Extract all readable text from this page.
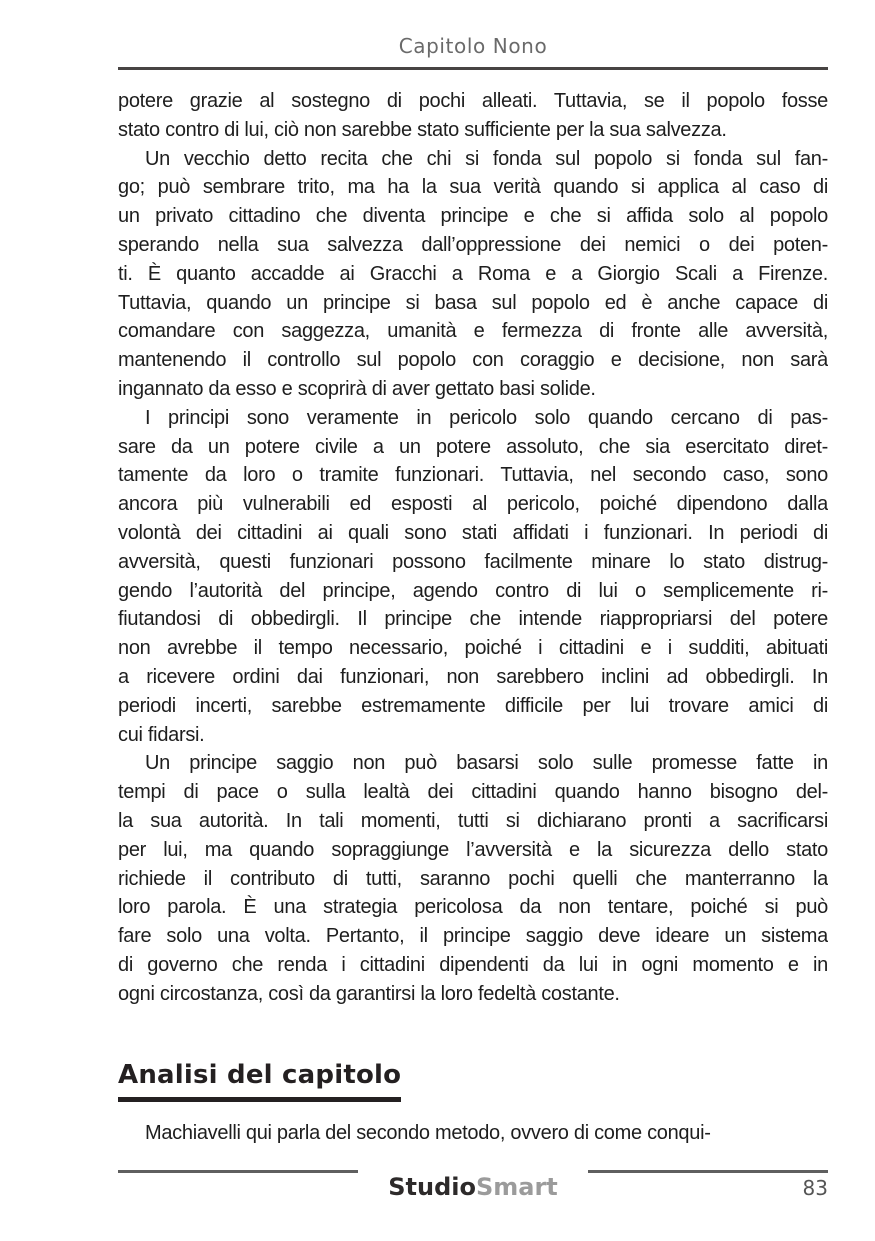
Capitolo Nono
potere grazie al sostegno di pochi alleati. Tuttavia, se il popolo fosse
stato contro di lui, ciò non sarebbe stato sufficiente per la sua salvezza.
Un vecchio detto recita che chi si fonda sul popolo si fonda sul fan-
go; può sembrare trito, ma ha la sua verità quando si applica al caso di
un privato cittadino che diventa principe e che si affida solo al popolo
sperando nella sua salvezza dall’oppressione dei nemici o dei poten-
ti. È quanto accadde ai Gracchi a Roma e a Giorgio Scali a Firenze.
Tuttavia, quando un principe si basa sul popolo ed è anche capace di
comandare con saggezza, umanità e fermezza di fronte alle avversità,
mantenendo il controllo sul popolo con coraggio e decisione, non sarà
ingannato da esso e scoprirà di aver gettato basi solide.
I principi sono veramente in pericolo solo quando cercano di pas-
sare da un potere civile a un potere assoluto, che sia esercitato diret-
tamente da loro o tramite funzionari. Tuttavia, nel secondo caso, sono
ancora più vulnerabili ed esposti al pericolo, poiché dipendono dalla
volontà dei cittadini ai quali sono stati affidati i funzionari. In periodi di
avversità, questi funzionari possono facilmente minare lo stato distrug-
gendo l’autorità del principe, agendo contro di lui o semplicemente ri-
fiutandosi di obbedirgli. Il principe che intende riappropriarsi del potere
non avrebbe il tempo necessario, poiché i cittadini e i sudditi, abituati
a ricevere ordini dai funzionari, non sarebbero inclini ad obbedirgli. In
periodi incerti, sarebbe estremamente difficile per lui trovare amici di
cui fidarsi.
Un principe saggio non può basarsi solo sulle promesse fatte in
tempi di pace o sulla lealtà dei cittadini quando hanno bisogno del-
la sua autorità. In tali momenti, tutti si dichiarano pronti a sacrificarsi
per lui, ma quando sopraggiunge l’avversità e la sicurezza dello stato
richiede il contributo di tutti, saranno pochi quelli che manterranno la
loro parola. È una strategia pericolosa da non tentare, poiché si può
fare solo una volta. Pertanto, il principe saggio deve ideare un sistema
di governo che renda i cittadini dipendenti da lui in ogni momento e in
ogni circostanza, così da garantirsi la loro fedeltà costante.
Analisi del capitolo
Machiavelli qui parla del secondo metodo, ovvero di come conqui-
StudioSmart	83
